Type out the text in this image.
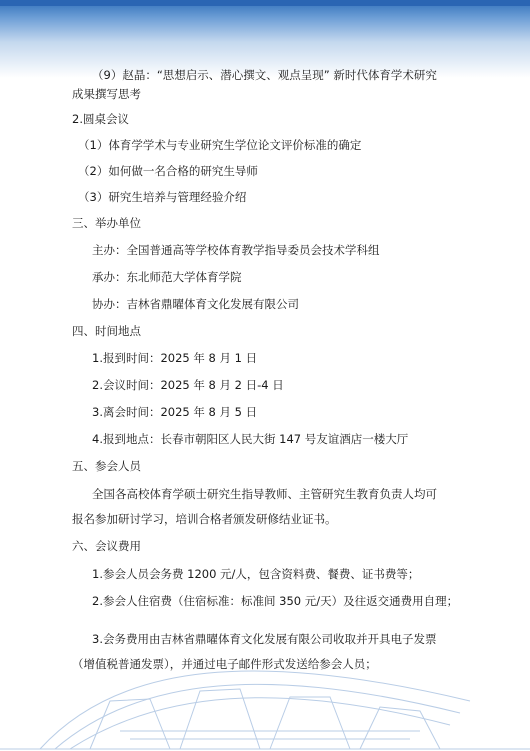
（9）赵晶：“思想启示、潜心撰文、观点呈现” 新时代体育学术研究
成果撰写思考
2.圆桌会议
（1）体育学学术与专业研究生学位论文评价标准的确定
（2）如何做一名合格的研究生导师
（3）研究生培养与管理经验介绍
三、举办单位
主办：全国普通高等学校体育教学指导委员会技术学科组
承办：东北师范大学体育学院
协办：吉林省鼎曜体育文化发展有限公司
四、时间地点
1.报到时间：2025 年 8 月 1 日
2.会议时间：2025 年 8 月 2 日-4 日
3.离会时间：2025 年 8 月 5 日
4.报到地点：长春市朝阳区人民大街 147 号友谊酒店一楼大厅
五、参会人员
全国各高校体育学硕士研究生指导教师、主管研究生教育负责人均可
报名参加研讨学习，培训合格者颁发研修结业证书。
六、会议费用
1.参会人员会务费 1200 元/人，包含资料费、餐费、证书费等；
2.参会人住宿费（住宿标准：标准间 350 元/天）及往返交通费用自理；
3.会务费用由吉林省鼎曜体育文化发展有限公司收取并开具电子发票
（增值税普通发票），并通过电子邮件形式发送给参会人员；
